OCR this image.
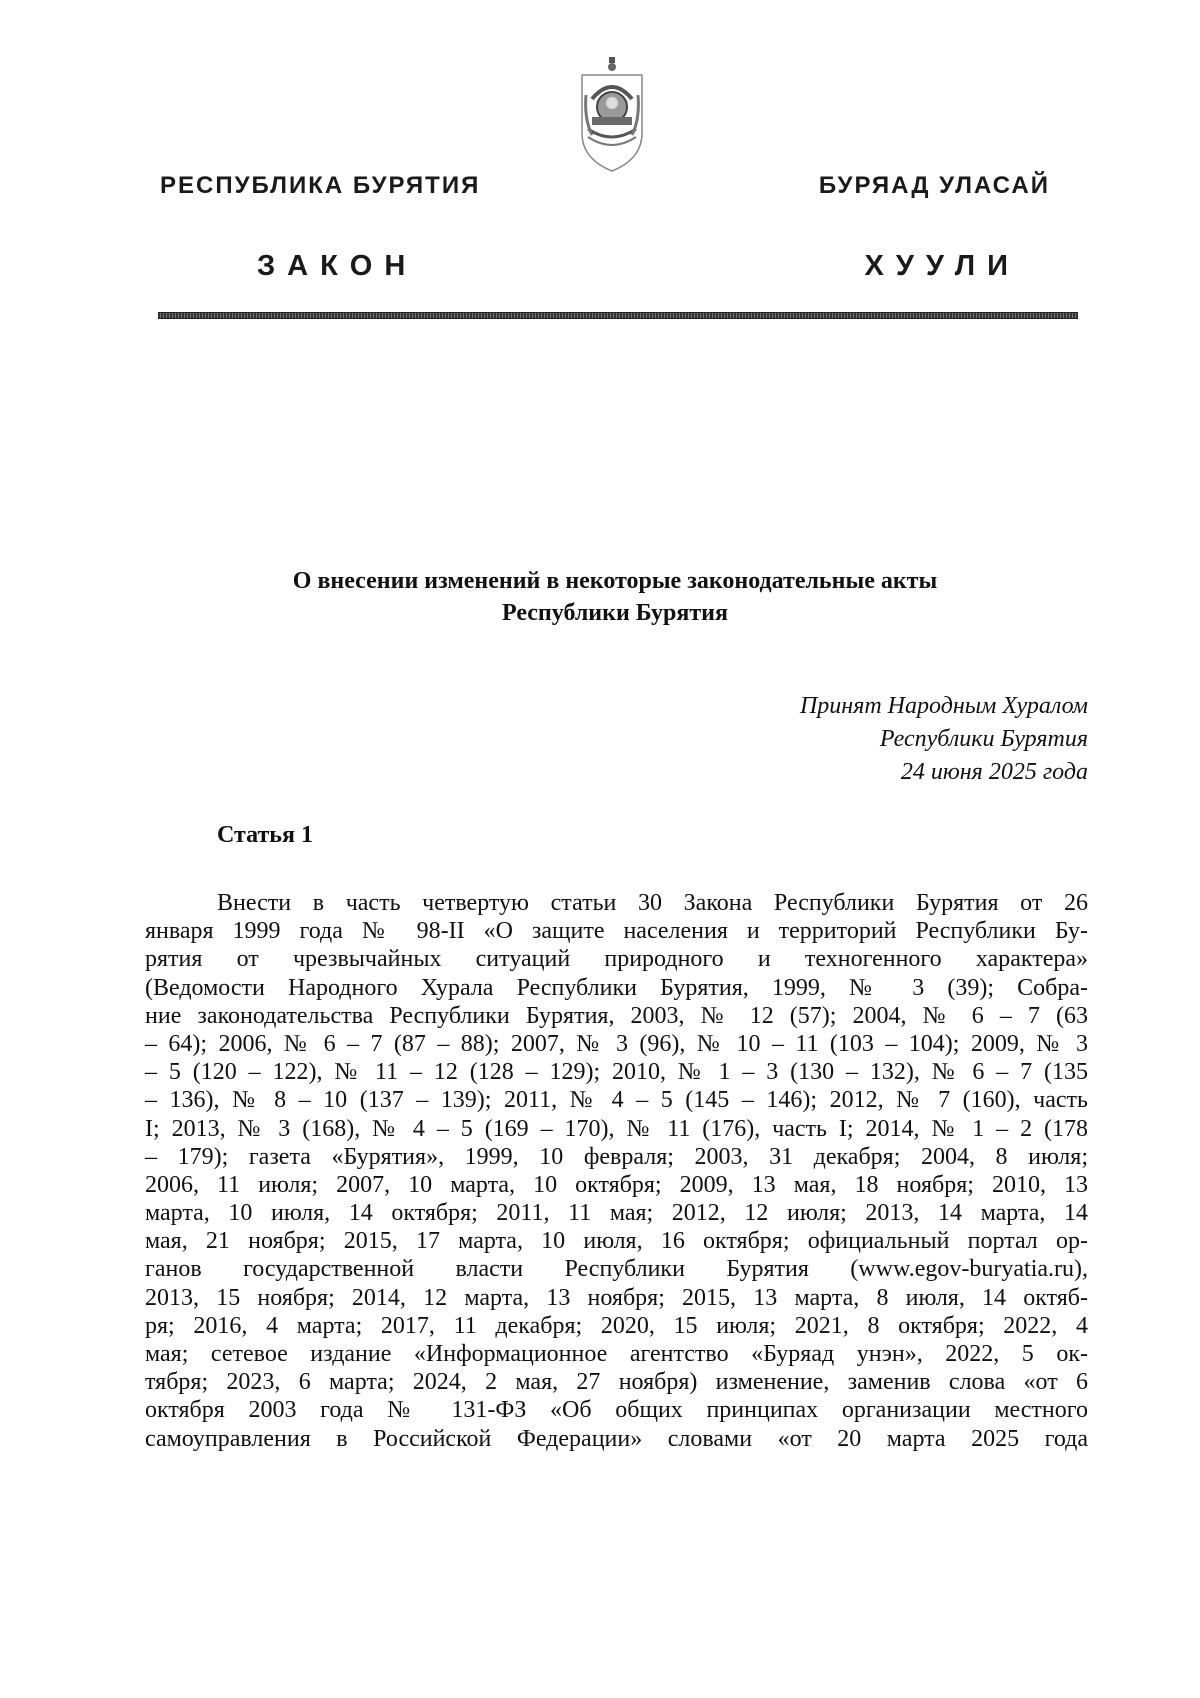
РЕСПУБЛИКА БУРЯТИЯ	БУРЯАД УЛАСАЙ
ЗАКОН	ХУУЛИ
О внесении изменений в некоторые законодательные акты
Республики Бурятия
Принят Народным Хуралом
Республики Бурятия
24 июня 2025 года
Статья 1
Внести в часть четвертую статьи 30 Закона Республики Бурятия от 26
января 1999 года № 98-II «О защите населения и территорий Республики Бу-
рятия от чрезвычайных ситуаций природного и техногенного характера»
(Ведомости Народного Хурала Республики Бурятия, 1999, № 3 (39); Собра-
ние законодательства Республики Бурятия, 2003, № 12 (57); 2004, № 6 – 7 (63
– 64); 2006, № 6 – 7 (87 – 88); 2007, № 3 (96), № 10 – 11 (103 – 104); 2009, № 3
– 5 (120 – 122), № 11 – 12 (128 – 129); 2010, № 1 – 3 (130 – 132), № 6 – 7 (135
– 136), № 8 – 10 (137 – 139); 2011, № 4 – 5 (145 – 146); 2012, № 7 (160), часть
I; 2013, № 3 (168), № 4 – 5 (169 – 170), № 11 (176), часть I; 2014, № 1 – 2 (178
– 179); газета «Бурятия», 1999, 10 февраля; 2003, 31 декабря; 2004, 8 июля;
2006, 11 июля; 2007, 10 марта, 10 октября; 2009, 13 мая, 18 ноября; 2010, 13
марта, 10 июля, 14 октября; 2011, 11 мая; 2012, 12 июля; 2013, 14 марта, 14
мая, 21 ноября; 2015, 17 марта, 10 июля, 16 октября; официальный портал ор-
ганов государственной власти Республики Бурятия (www.egov-buryatia.ru),
2013, 15 ноября; 2014, 12 марта, 13 ноября; 2015, 13 марта, 8 июля, 14 октяб-
ря; 2016, 4 марта; 2017, 11 декабря; 2020, 15 июля; 2021, 8 октября; 2022, 4
мая; сетевое издание «Информационное агентство «Буряад унэн», 2022, 5 ок-
тября; 2023, 6 марта; 2024, 2 мая, 27 ноября) изменение, заменив слова «от 6
октября 2003 года № 131-ФЗ «Об общих принципах организации местного
самоуправления в Российской Федерации» словами «от 20 марта 2025 года
